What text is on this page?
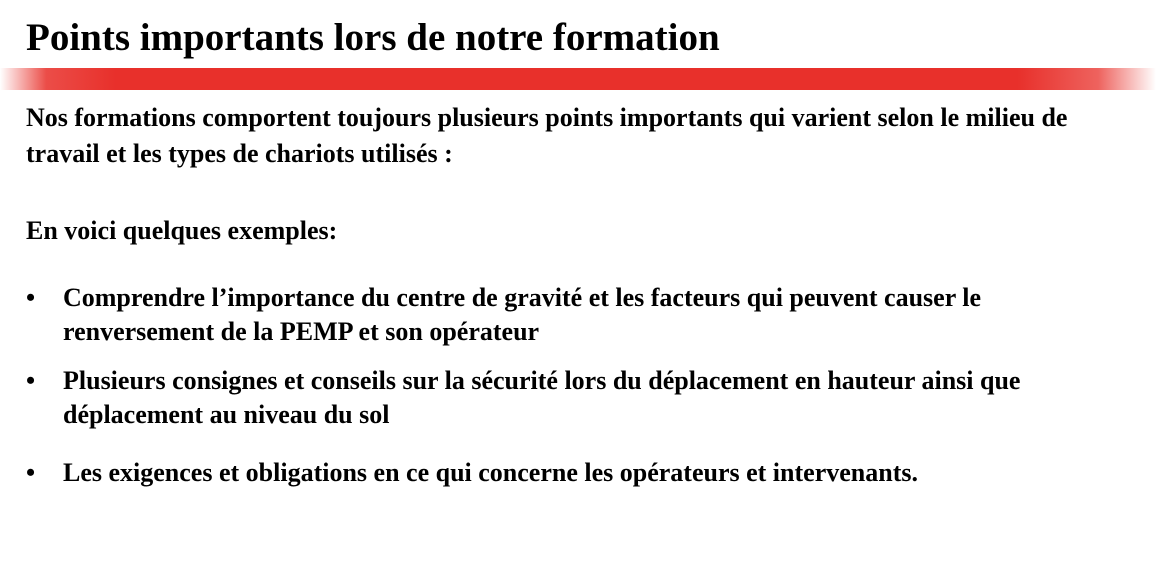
Points importants lors de notre formation

Nos formations comportent toujours plusieurs points importants qui varient selon le milieu de travail et les types de chariots utilisés :

En voici quelques exemples:

• Comprendre l’importance du centre de gravité et les facteurs qui peuvent causer le renversement de la PEMP et son opérateur
• Plusieurs consignes et conseils sur la sécurité lors du déplacement en hauteur ainsi que déplacement au niveau du sol
• Les exigences et obligations en ce qui concerne les opérateurs et intervenants.
